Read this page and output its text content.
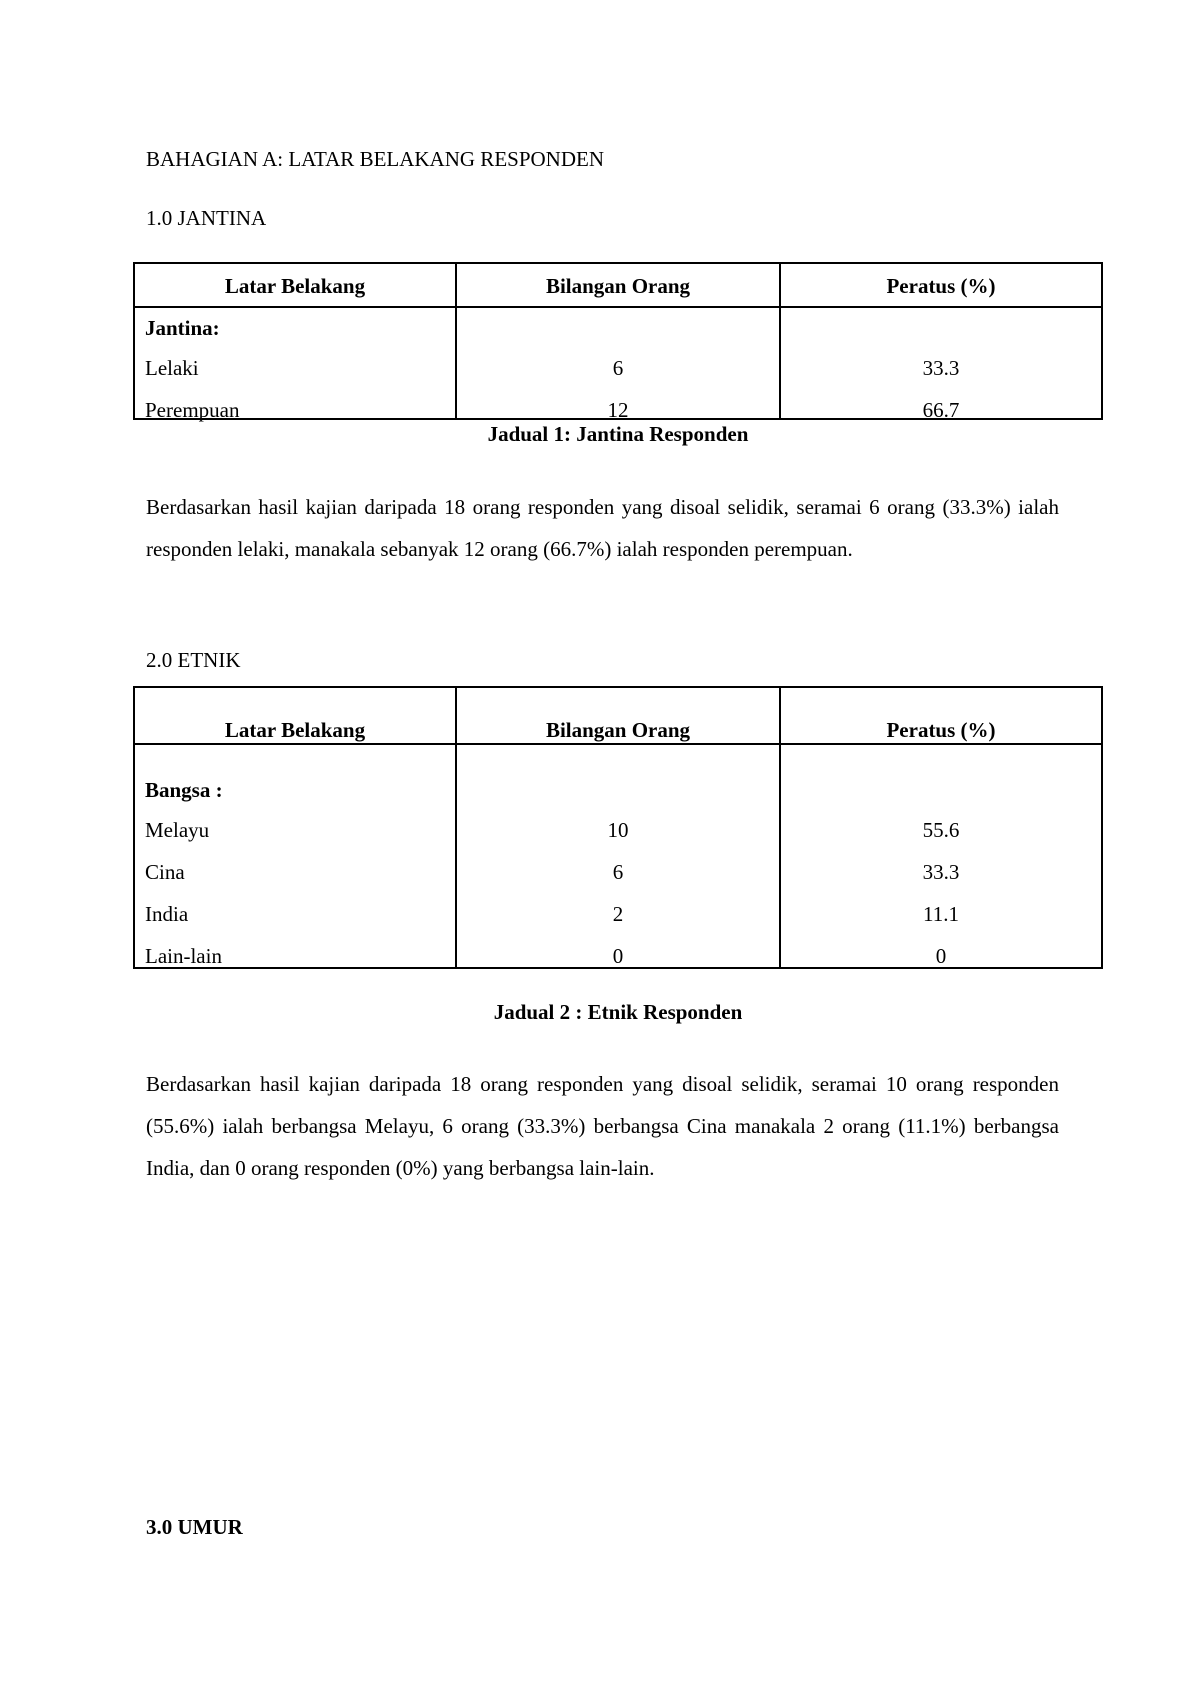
BAHAGIAN A: LATAR BELAKANG RESPONDEN
1.0 JANTINA
Latar Belakang	Bilangan Orang	Peratus (%)
Jantina:
Lelaki	6	33.3
Perempuan	12	66.7
Jadual 1: Jantina Responden
Berdasarkan hasil kajian daripada 18 orang responden yang disoal selidik, seramai 6 orang (33.3%) ialah responden lelaki, manakala sebanyak 12 orang (66.7%) ialah responden perempuan.
2.0 ETNIK
Latar Belakang	Bilangan Orang	Peratus (%)
Bangsa :
Melayu	10	55.6
Cina	6	33.3
India	2	11.1
Lain-lain	0	0
Jadual 2 : Etnik Responden
Berdasarkan hasil kajian daripada 18 orang responden yang disoal selidik, seramai 10 orang responden (55.6%) ialah berbangsa Melayu, 6 orang (33.3%) berbangsa Cina manakala 2 orang (11.1%) berbangsa India, dan 0 orang responden (0%) yang berbangsa lain-lain.
3.0 UMUR
